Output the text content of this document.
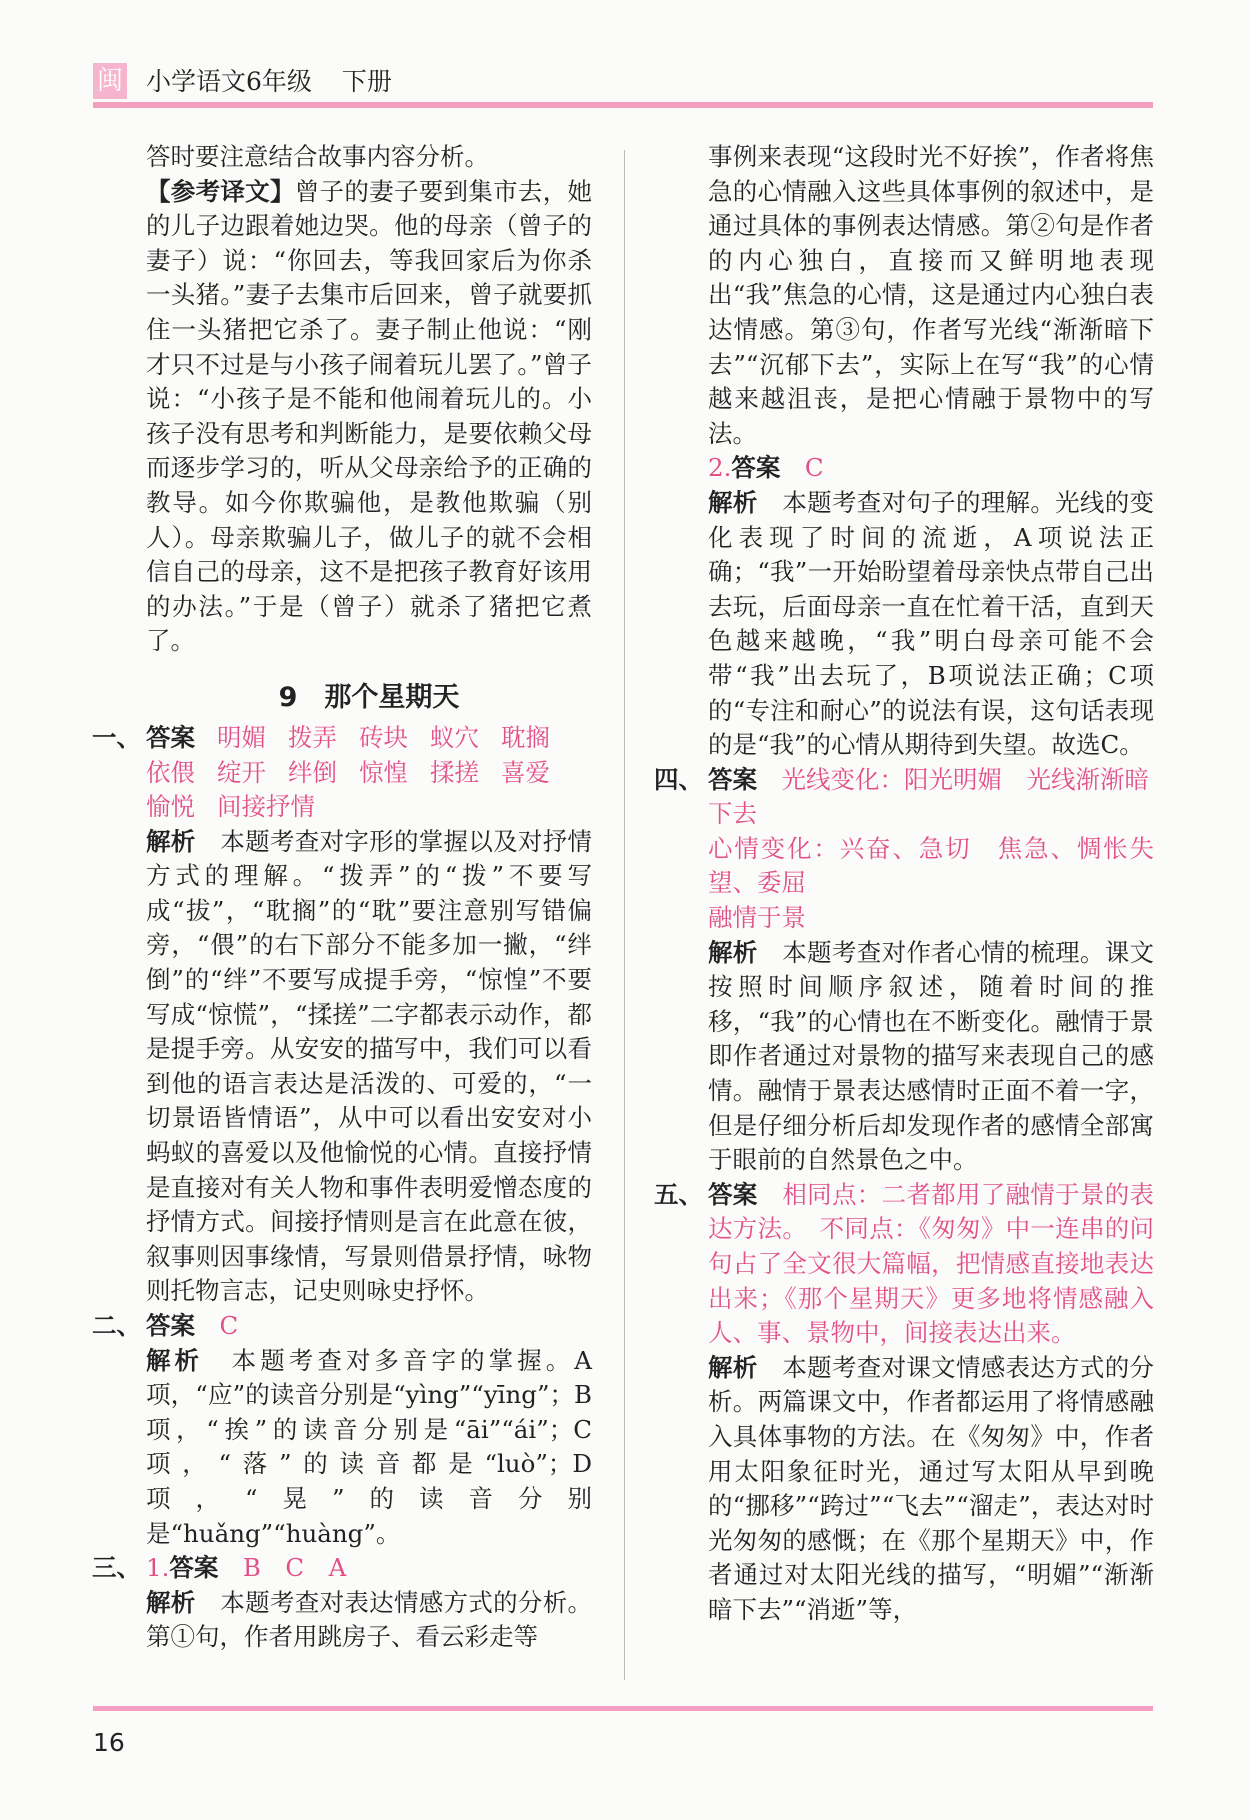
闽 小学语文6年级 下册

答时要注意结合故事内容分析。

【参考译文】曾子的妻子要到集市去，她的儿子边跟着她边哭。他的母亲（曾子的妻子）说：“你回去，等我回家后为你杀一头猪。”妻子去集市后回来，曾子就要抓住一头猪把它杀了。妻子制止他说：“刚才只不过是与小孩子闹着玩儿罢了。”曾子说：“小孩子是不能和他闹着玩儿的。小孩子没有思考和判断能力，是要依赖父母而逐步学习的，听从父母亲给予的正确的教导。如今你欺骗他，是教他欺骗（别人）。母亲欺骗儿子，做儿子的就不会相信自己的母亲，这不是把孩子教育好该用的办法。”于是（曾子）就杀了猪把它煮了。

9　那个星期天
一、 答案 明媚 拨弄 砖块 蚁穴 耽搁
依偎 绽开 绊倒 惊惶 揉搓 喜爱
愉悦 间接抒情

解析　 本题考查对字形的掌握以及对抒情方式的理解。“拨弄”的“拨”不要写成“拔”，“耽搁”的“耽”要注意别写错偏旁，“偎”的右下部分不能多加一撇，“绊倒”的“绊”不要写成提手旁，“惊惶”不要写成“惊慌”，“揉搓”二字都表示动作，都是提手旁。从安安的描写中，我们可以看到他的语言表达是活泼的、可爱的，“一切景语皆情语”，从中可以看出安安对小蚂蚁的喜爱以及他愉悦的心情。直接抒情是直接对有关人物和事件表明爱憎态度的抒情方式。间接抒情则是言在此意在彼，叙事则因事缘情，写景则借景抒情，咏物则托物言志，记史则咏史抒怀。

二、 答案　 C

解析　 本题考查对多音字的掌握。A项，“应”的读音分别是“yìng”“yīng”；B项，“挨”的读音分别是“āi”“ái”；C项，“落”的读音都是“luò”；D项，“晃”的读音分别是“huǎng”“huàng”。

三、 1.答案　 B　C　A

解析　 本题考查对表达情感方式的分析。第①句，作者用跳房子、看云彩走等

事例来表现“这段时光不好挨”，作者将焦急的心情融入这些具体事例的叙述中，是通过具体的事例表达情感。第②句是作者的内心独白，直接而又鲜明地表现出“我”焦急的心情，这是通过内心独白表达情感。第③句，作者写光线“渐渐暗下去”“沉郁下去”，实际上在写“我”的心情越来越沮丧，是把心情融于景物中的写法。

2.答案　 C

解析　 本题考查对句子的理解。光线的变化表现了时间的流逝，A项说法正确；“我”一开始盼望着母亲快点带自己出去玩，后面母亲一直在忙着干活，直到天色越来越晚，“我”明白母亲可能不会带“我”出去玩了，B项说法正确；C项的“专注和耐心”的说法有误，这句话表现的是“我”的心情从期待到失望。故选C。

四、 答案　 光线变化：阳光明媚　光线渐渐暗下去

心情变化：兴奋、急切　焦急、惆怅失望、委屈

融情于景

解析　 本题考查对作者心情的梳理。课文按照时间顺序叙述，随着时间的推移，“我”的心情也在不断变化。融情于景即作者通过对景物的描写来表现自己的感情。融情于景表达感情时正面不着一字，但是仔细分析后却发现作者的感情全部寓于眼前的自然景色之中。

五、 答案　 相同点：二者都用了融情于景的表达方法。　不同点：《匆匆》中一连串的问句占了全文很大篇幅，把情感直接地表达出来；《那个星期天》更多地将情感融入人、事、景物中，间接表达出来。

解析　 本题考查对课文情感表达方式的分析。两篇课文中，作者都运用了将情感融入具体事物的方法。在《匆匆》中，作者用太阳象征时光，通过写太阳从早到晚的“挪移”“跨过”“飞去”“溜走”，表达对时光匆匆的感慨；在《那个星期天》中，作者通过对太阳光线的描写，“明媚”“渐渐暗下去”“消逝”等，

16
